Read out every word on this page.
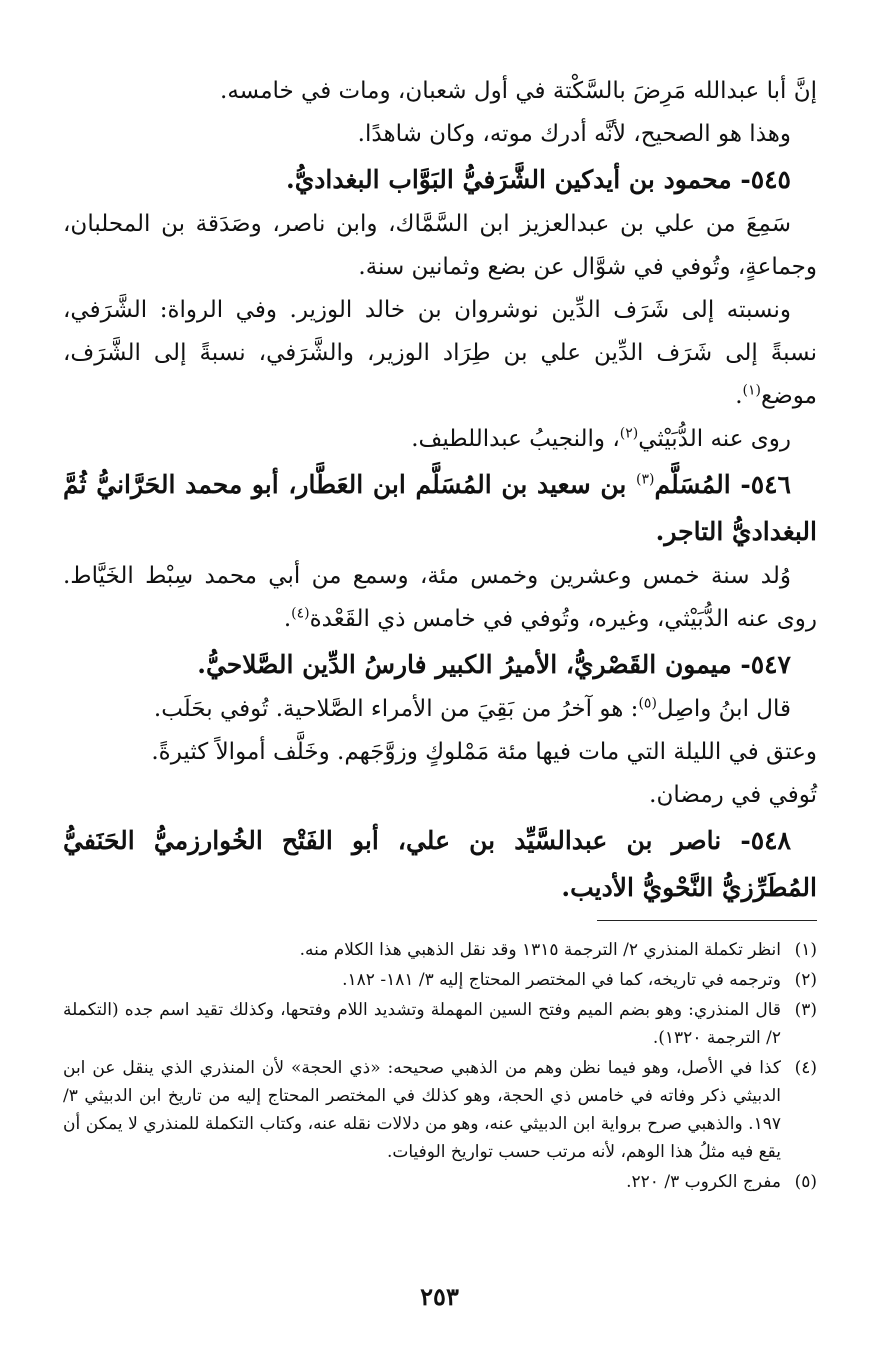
إنَّ أبا عبدالله مَرِضَ بالسَّكْتة في أول شعبان، ومات في خامسه.

وهذا هو الصحيح، لأنَّه أدرك موته، وكان شاهدًا.

٥٤٥- محمود بن أيدكين الشَّرَفيُّ البَوَّاب البغداديُّ.

سَمِعَ من علي بن عبدالعزيز ابن السَّمَّاك، وابن ناصر، وصَدَقة بن المحلبان، وجماعةٍ، وتُوفي في شوَّال عن بضع وثمانين سنة.

ونسبته إلى شَرَف الدِّين نوشروان بن خالد الوزير. وفي الرواة: الشَّرَفي، نسبةً إلى شَرَف الدِّين علي بن طِرَاد الوزير، والشَّرَفي، نسبةً إلى الشَّرَف، موضع$^{(١)}$.

روى عنه الدُّبَيْثي$^{(٢)}$، والنجيبُ عبداللطيف.

٥٤٦- المُسَلَّم$^{(٣)}$ بن سعيد بن المُسَلَّم ابن العَطَّار، أبو محمد الحَرَّانيُّ ثُمَّ البغداديُّ التاجر.

وُلد سنة خمس وعشرين وخمس مئة، وسمع من أبي محمد سِبْط الخَيَّاط. روى عنه الدُّبَيْثي، وغيره، وتُوفي في خامس ذي القَعْدة$^{(٤)}$.

٥٤٧- ميمون القَصْريُّ، الأميرُ الكبير فارسُ الدِّين الصَّلاحيُّ.

قال ابنُ واصِل$^{(٥)}$: هو آخرُ من بَقِيَ من الأمراء الصَّلاحية. تُوفي بحَلَب.

وعتق في الليلة التي مات فيها مئة مَمْلوكٍ وزوَّجَهم. وخَلَّف أموالاً كثيرةً.

تُوفي في رمضان.

٥٤٨- ناصر بن عبدالسَّيِّد بن علي، أبو الفَتْح الخُوارزميُّ الحَنَفيُّ المُطَرِّزيُّ النَّحْويُّ الأديب.

(١)
انظر تكملة المنذري ٢/ الترجمة ١٣١٥ وقد نقل الذهبي هذا الكلام منه.
(٢)
وترجمه في تاريخه، كما في المختصر المحتاج إليه ٣/ ١٨١- ١٨٢.
(٣)
قال المنذري: وهو بضم الميم وفتح السين المهملة وتشديد اللام وفتحها، وكذلك تقيد اسم جده (التكملة ٢/ الترجمة ١٣٢٠).
(٤)
كذا في الأصل، وهو فيما نظن وهم من الذهبي صحيحه: «ذي الحجة» لأن المنذري الذي ينقل عن ابن الدبيثي ذكر وفاته في خامس ذي الحجة، وهو كذلك في المختصر المحتاج إليه من تاريخ ابن الدبيثي ٣/ ١٩٧. والذهبي صرح برواية ابن الدبيثي عنه، وهو من دلالات نقله عنه، وكتاب التكملة للمنذري لا يمكن أن يقع فيه مثلُ هذا الوهم، لأنه مرتب حسب تواريخ الوفيات.
(٥)
مفرج الكروب ٣/ ٢٢٠.
٢٥٣
